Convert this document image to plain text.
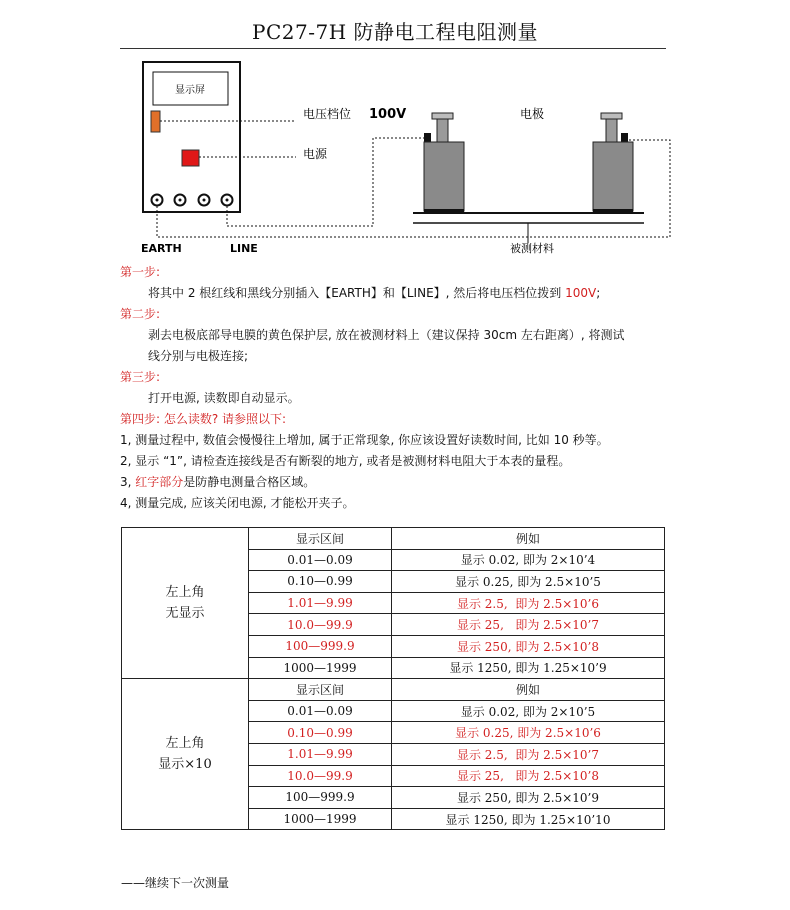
PC27-7H 防静电工程电阻测量
显示屏
电压档位 100V
电源
电极
EARTH	LINE	被测材料
第一步:
将其中 2 根红线和黑线分别插入【EARTH】和【LINE】, 然后将电压档位拨到 100V;
第二步:
剥去电极底部导电膜的黄色保护层, 放在被测材料上（建议保持 30cm 左右距离）, 将测试
线分别与电极连接;
第三步:
打开电源, 读数即自动显示。
第四步: 怎么读数? 请参照以下:
1, 测量过程中, 数值会慢慢往上增加, 属于正常现象, 你应该设置好读数时间, 比如 10 秒等。
2, 显示 “1”, 请检查连接线是否有断裂的地方, 或者是被测材料电阻大于本表的量程。
3, 红字部分是防静电测量合格区域。
4, 测量完成, 应该关闭电源, 才能松开夹子。
左上角
无显示	显示区间	例如
	0.01—0.09	显示 0.02, 即为 2×10’4
	0.10—0.99	显示 0.25, 即为 2.5×10’5
	1.01—9.99	显示 2.5,  即为 2.5×10’6
	10.0—99.9	显示 25,   即为 2.5×10’7
	100—999.9	显示 250, 即为 2.5×10’8
	1000—1999	显示 1250, 即为 1.25×10’9

左上角
显示×10	显示区间	例如
	0.01—0.09	显示 0.02, 即为 2×10’5
	0.10—0.99	显示 0.25, 即为 2.5×10’6
	1.01—9.99	显示 2.5,  即为 2.5×10’7
	10.0—99.9	显示 25,   即为 2.5×10’8
	100—999.9	显示 250, 即为 2.5×10’9
	1000—1999	显示 1250, 即为 1.25×10’10
——继续下一次测量
